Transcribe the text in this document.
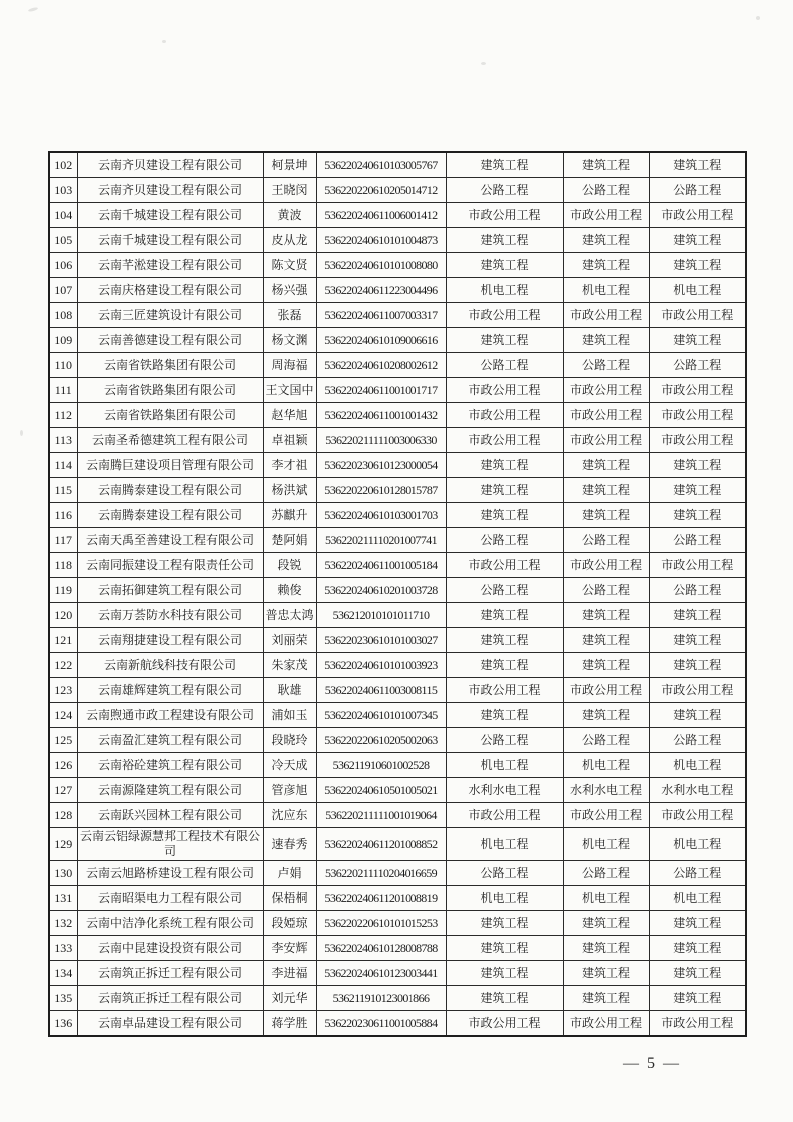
102	云南齐贝建设工程有限公司	柯景坤	536220240610103005767	建筑工程	建筑工程	建筑工程
103	云南齐贝建设工程有限公司	王晓闵	536220220610205014712	公路工程	公路工程	公路工程
104	云南千城建设工程有限公司	黄波	536220240611006001412	市政公用工程	市政公用工程	市政公用工程
105	云南千城建设工程有限公司	皮从龙	536220240610101004873	建筑工程	建筑工程	建筑工程
106	云南芊淞建设工程有限公司	陈文贤	536220240610101008080	建筑工程	建筑工程	建筑工程
107	云南庆格建设工程有限公司	杨兴强	536220240611223004496	机电工程	机电工程	机电工程
108	云南三匠建筑设计有限公司	张磊	536220240611007003317	市政公用工程	市政公用工程	市政公用工程
109	云南善德建设工程有限公司	杨文渊	536220240610109006616	建筑工程	建筑工程	建筑工程
110	云南省铁路集团有限公司	周海福	536220240610208002612	公路工程	公路工程	公路工程
111	云南省铁路集团有限公司	王文国中	536220240611001001717	市政公用工程	市政公用工程	市政公用工程
112	云南省铁路集团有限公司	赵华旭	536220240611001001432	市政公用工程	市政公用工程	市政公用工程
113	云南圣希德建筑工程有限公司	卓祖颖	536220211111003006330	市政公用工程	市政公用工程	市政公用工程
114	云南腾巨建设项目管理有限公司	李才祖	536220230610123000054	建筑工程	建筑工程	建筑工程
115	云南腾泰建设工程有限公司	杨洪斌	536220220610128015787	建筑工程	建筑工程	建筑工程
116	云南腾泰建设工程有限公司	苏麒升	536220240610103001703	建筑工程	建筑工程	建筑工程
117	云南天禹至善建设工程有限公司	楚阿娟	536220211110201007741	公路工程	公路工程	公路工程
118	云南同振建设工程有限责任公司	段锐	536220240611001005184	市政公用工程	市政公用工程	市政公用工程
119	云南拓御建筑工程有限公司	赖俊	536220240610201003728	公路工程	公路工程	公路工程
120	云南万荟防水科技有限公司	普忠太鸿	536212010101011710	建筑工程	建筑工程	建筑工程
121	云南翔捷建设工程有限公司	刘丽荣	536220230610101003027	建筑工程	建筑工程	建筑工程
122	云南新航线科技有限公司	朱家茂	536220240610101003923	建筑工程	建筑工程	建筑工程
123	云南雄辉建筑工程有限公司	耿雄	536220240611003008115	市政公用工程	市政公用工程	市政公用工程
124	云南煦通市政工程建设有限公司	浦如玉	536220240610101007345	建筑工程	建筑工程	建筑工程
125	云南盈汇建筑工程有限公司	段晓玲	536220220610205002063	公路工程	公路工程	公路工程
126	云南裕砼建筑工程有限公司	冷天成	536211910601002528	机电工程	机电工程	机电工程
127	云南源隆建筑工程有限公司	管彦旭	536220240610501005021	水利水电工程	水利水电工程	水利水电工程
128	云南跃兴园林工程有限公司	沈应东	536220211111001019064	市政公用工程	市政公用工程	市政公用工程
129	云南云铝绿源慧邦工程技术有限公司	速春秀	536220240611201008852	机电工程	机电工程	机电工程
130	云南云旭路桥建设工程有限公司	卢娟	536220211110204016659	公路工程	公路工程	公路工程
131	云南昭渠电力工程有限公司	保梧桐	536220240611201008819	机电工程	机电工程	机电工程
132	云南中洁净化系统工程有限公司	段婭琼	536220220610101015253	建筑工程	建筑工程	建筑工程
133	云南中昆建设投资有限公司	李安辉	536220240610128008788	建筑工程	建筑工程	建筑工程
134	云南筑正拆迁工程有限公司	李进福	536220240610123003441	建筑工程	建筑工程	建筑工程
135	云南筑正拆迁工程有限公司	刘元华	536211910123001866	建筑工程	建筑工程	建筑工程
136	云南卓品建设工程有限公司	蒋学胜	536220230611001005884	市政公用工程	市政公用工程	市政公用工程
— 5 —
